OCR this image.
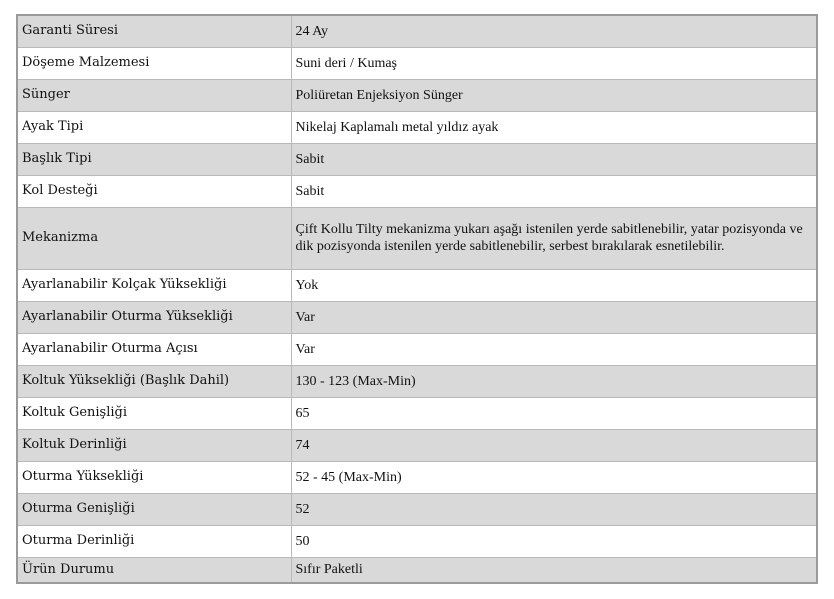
Garanti Süresi	24 Ay
Döşeme Malzemesi	Suni deri / Kumaş
Sünger	Poliüretan Enjeksiyon Sünger
Ayak Tipi	Nikelaj Kaplamalı metal yıldız ayak
Başlık Tipi	Sabit
Kol Desteği	Sabit
Mekanizma	Çift Kollu Tilty mekanizma yukarı aşağı istenilen yerde sabitlenebilir, yatar pozisyonda ve dik pozisyonda istenilen yerde sabitlenebilir, serbest bırakılarak esnetilebilir.
Ayarlanabilir Kolçak Yüksekliği	Yok
Ayarlanabilir Oturma Yüksekliği	Var
Ayarlanabilir Oturma Açısı	Var
Koltuk Yüksekliği (Başlık Dahil)	130 - 123 (Max-Min)
Koltuk Genişliği	65
Koltuk Derinliği	74
Oturma Yüksekliği	52 - 45 (Max-Min)
Oturma Genişliği	52
Oturma Derinliği	50
Ürün Durumu	Sıfır Paketli
